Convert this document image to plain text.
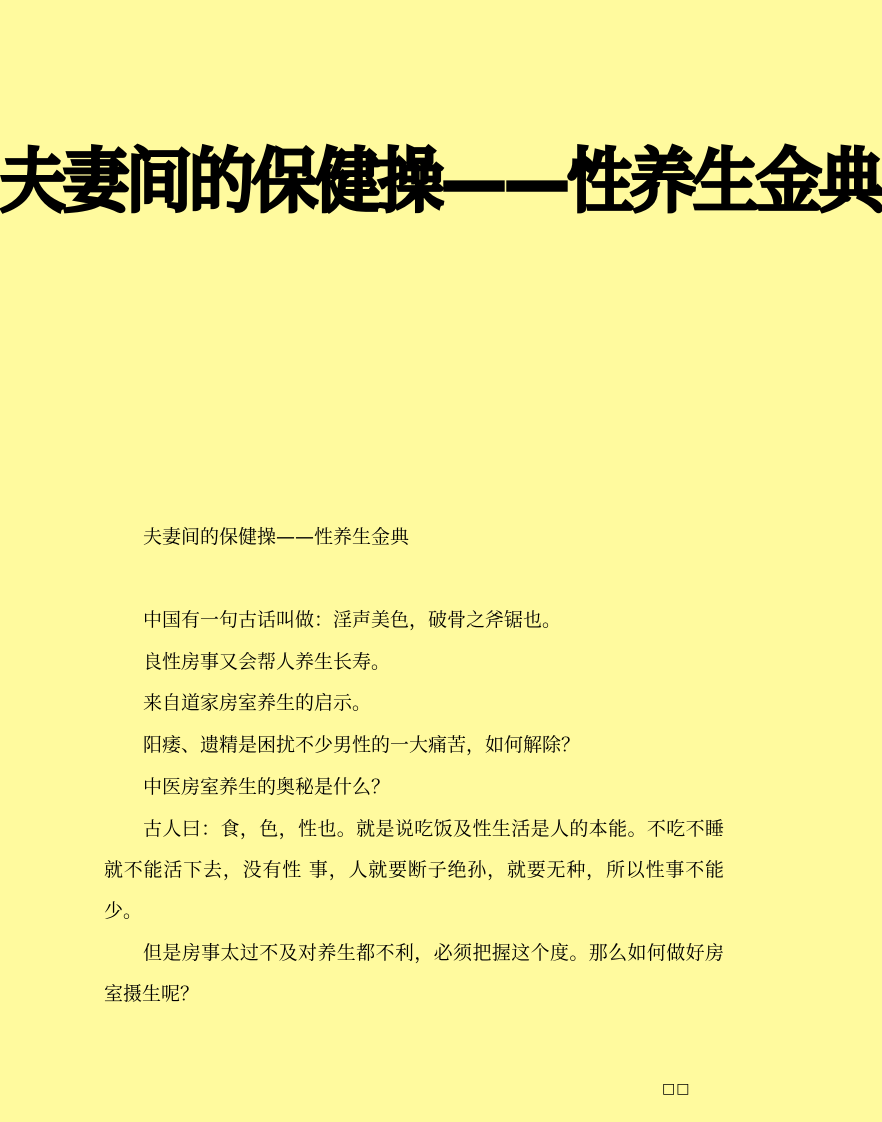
夫妻间的保健操——性养生金典
夫妻间的保健操——性养生金典

中国有一句古话叫做：淫声美色，破骨之斧锯也。

良性房事又会帮人养生长寿。

来自道家房室养生的启示。

阳痿、遗精是困扰不少男性的一大痛苦，如何解除？

中医房室养生的奥秘是什么？

古人曰：食，色，性也。就是说吃饭及性生活是人的本能。不吃不睡就不能活下去，没有性 事，人就要断子绝孙，就要无种，所以性事不能少。

但是房事太过不及对养生都不利，必须把握这个度。那么如何做好房室摄生呢？

□□
